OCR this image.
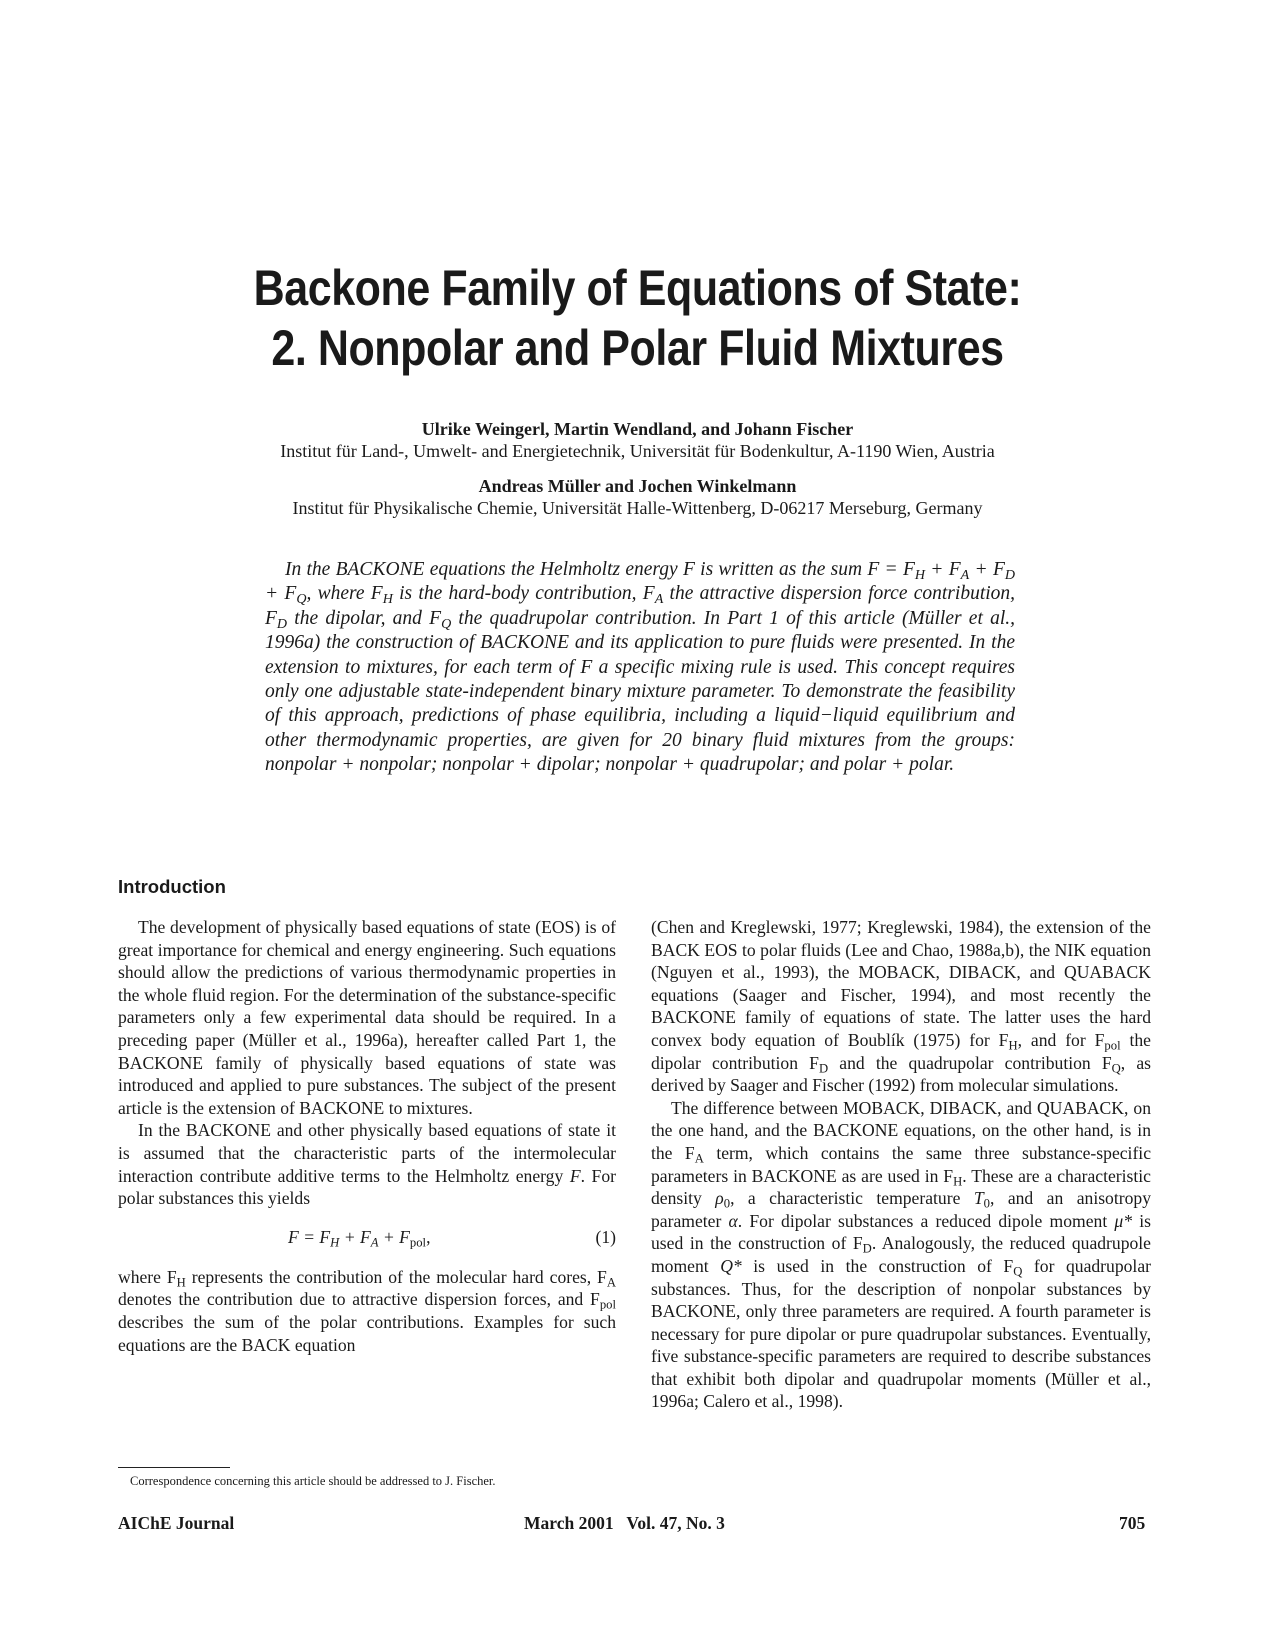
Backone Family of Equations of State:
2. Nonpolar and Polar Fluid Mixtures
Ulrike Weingerl, Martin Wendland, and Johann Fischer
Institut für Land-, Umwelt- and Energietechnik, Universität für Bodenkultur, A-1190 Wien, Austria
Andreas Müller and Jochen Winkelmann
Institut für Physikalische Chemie, Universität Halle-Wittenberg, D-06217 Merseburg, Germany
In the BACKONE equations the Helmholtz energy F is written as the sum $F = F_H + F_A + F_D + F_Q$, where $F_H$ is the hard-body contribution, $F_A$ the attractive dispersion force contribution, $F_D$ the dipolar, and $F_Q$ the quadrupolar contribution. In Part 1 of this article (Müller et al., 1996a) the construction of BACKONE and its application to pure fluids were presented. In the extension to mixtures, for each term of F a specific mixing rule is used. This concept requires only one adjustable state-independent binary mixture parameter. To demonstrate the feasibility of this approach, predictions of phase equilibria, including a liquid−liquid equilibrium and other thermodynamic properties, are given for 20 binary fluid mixtures from the groups: nonpolar + nonpolar; nonpolar + dipolar; nonpolar + quadrupolar; and polar + polar.
Introduction

The development of physically based equations of state (EOS) is of great importance for chemical and energy engineering. Such equations should allow the predictions of various thermodynamic properties in the whole fluid region. For the determination of the substance-specific parameters only a few experimental data should be required. In a preceding paper (Müller et al., 1996a), hereafter called Part 1, the BACKONE family of physically based equations of state was introduced and applied to pure substances. The subject of the present article is the extension of BACKONE to mixtures.

In the BACKONE and other physically based equations of state it is assumed that the characteristic parts of the intermolecular interaction contribute additive terms to the Helmholtz energy F. For polar substances this yields

$F = F_H + F_A + F_{pol}$,	(1)

where $F_H$ represents the contribution of the molecular hard cores, $F_A$ denotes the contribution due to attractive dispersion forces, and $F_{pol}$ describes the sum of the polar contributions. Examples for such equations are the BACK equation

(Chen and Kreglewski, 1977; Kreglewski, 1984), the extension of the BACK EOS to polar fluids (Lee and Chao, 1988a,b), the NIK equation (Nguyen et al., 1993), the MOBACK, DIBACK, and QUABACK equations (Saager and Fischer, 1994), and most recently the BACKONE family of equations of state. The latter uses the hard convex body equation of Boublík (1975) for $F_H$, and for $F_{pol}$ the dipolar contribution $F_D$ and the quadrupolar contribution $F_Q$, as derived by Saager and Fischer (1992) from molecular simulations.

The difference between MOBACK, DIBACK, and QUABACK, on the one hand, and the BACKONE equations, on the other hand, is in the $F_A$ term, which contains the same three substance-specific parameters in BACKONE as are used in $F_H$. These are a characteristic density $\rho_0$, a characteristic temperature $T_0$, and an anisotropy parameter α. For dipolar substances a reduced dipole moment μ* is used in the construction of $F_D$. Analogously, the reduced quadrupole moment Q* is used in the construction of $F_Q$ for quadrupolar substances. Thus, for the description of nonpolar substances by BACKONE, only three parameters are required. A fourth parameter is necessary for pure dipolar or pure quadrupolar substances. Eventually, five substance-specific parameters are required to describe substances that exhibit both dipolar and quadrupolar moments (Müller et al., 1996a; Calero et al., 1998).

Correspondence concerning this article should be addressed to J. Fischer.
AIChE Journal	March 2001   Vol. 47, No. 3	705
